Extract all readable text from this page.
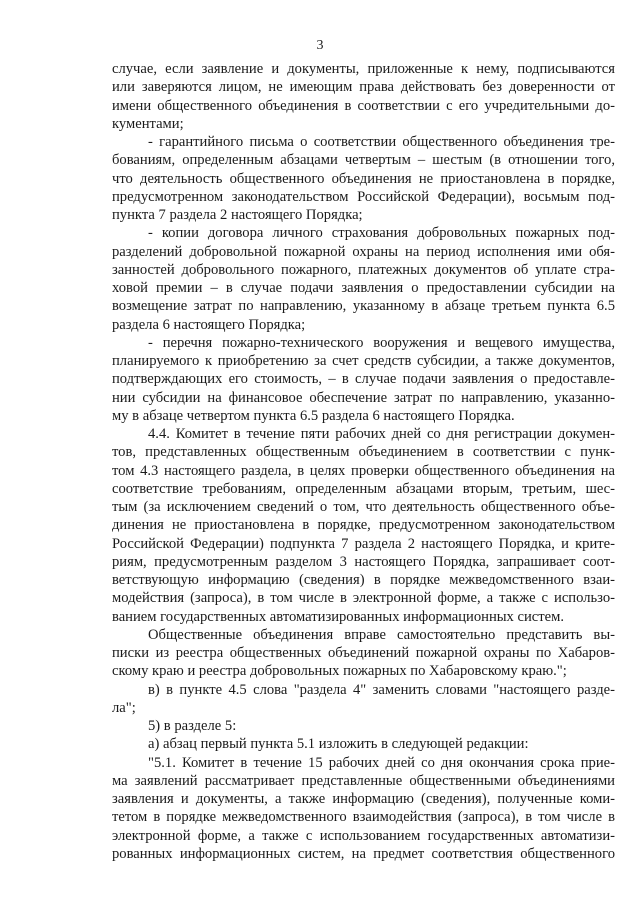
3
случае, если заявление и документы, приложенные к нему, подписываются
или заверяются лицом, не имеющим права действовать без доверенности от
имени общественного объединения в соответствии с его учредительными до-
кументами;
- гарантийного письма о соответствии общественного объединения тре-
бованиям, определенным абзацами четвертым – шестым (в отношении того,
что деятельность общественного объединения не приостановлена в порядке,
предусмотренном законодательством Российской Федерации), восьмым под-
пункта 7 раздела 2 настоящего Порядка;
- копии договора личного страхования добровольных пожарных под-
разделений добровольной пожарной охраны на период исполнения ими обя-
занностей добровольного пожарного, платежных документов об уплате стра-
ховой премии – в случае подачи заявления о предоставлении субсидии на
возмещение затрат по направлению, указанному в абзаце третьем пункта 6.5
раздела 6 настоящего Порядка;
- перечня пожарно-технического вооружения и вещевого имущества,
планируемого к приобретению за счет средств субсидии, а также документов,
подтверждающих его стоимость, – в случае подачи заявления о предоставле-
нии субсидии на финансовое обеспечение затрат по направлению, указанно-
му в абзаце четвертом пункта 6.5 раздела 6 настоящего Порядка.
4.4. Комитет в течение пяти рабочих дней со дня регистрации докумен-
тов, представленных общественным объединением в соответствии с пунк-
том 4.3 настоящего раздела, в целях проверки общественного объединения на
соответствие требованиям, определенным абзацами вторым, третьим, шес-
тым (за исключением сведений о том, что деятельность общественного объе-
динения не приостановлена в порядке, предусмотренном законодательством
Российской Федерации) подпункта 7 раздела 2 настоящего Порядка, и крите-
риям, предусмотренным разделом 3 настоящего Порядка, запрашивает соот-
ветствующую информацию (сведения) в порядке межведомственного взаи-
модействия (запроса), в том числе в электронной форме, а также с использо-
ванием государственных автоматизированных информационных систем.
Общественные объединения вправе самостоятельно представить вы-
писки из реестра общественных объединений пожарной охраны по Хабаров-
скому краю и реестра добровольных пожарных по Хабаровскому краю.";
в) в пункте 4.5 слова "раздела 4" заменить словами "настоящего разде-
ла";
5) в разделе 5:
а) абзац первый пункта 5.1 изложить в следующей редакции:
"5.1. Комитет в течение 15 рабочих дней со дня окончания срока прие-
ма заявлений рассматривает представленные общественными объединениями
заявления и документы, а также информацию (сведения), полученные коми-
тетом в порядке межведомственного взаимодействия (запроса), в том числе в
электронной форме, а также с использованием государственных автоматизи-
рованных информационных систем, на предмет соответствия общественного
